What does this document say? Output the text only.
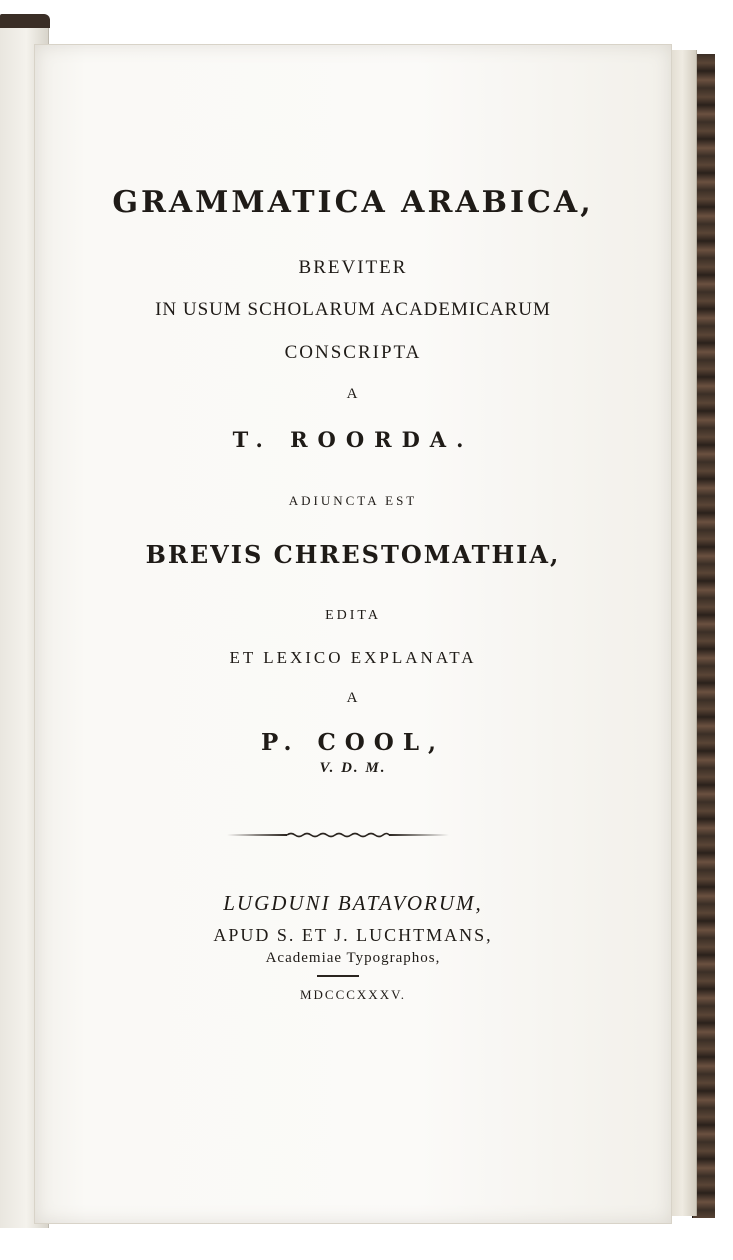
GRAMMATICA ARABICA,
BREVITER
IN USUM SCHOLARUM ACADEMICARUM
CONSCRIPTA
A
T. ROORDA.
ADIUNCTA EST
BREVIS CHRESTOMATHIA,
EDITA
ET LEXICO EXPLANATA
A
P. COOL,
V. D. M.
LUGDUNI BATAVORUM,
APUD S. ET J. LUCHTMANS,
Academiae Typographos,
MDCCCXXXV.
